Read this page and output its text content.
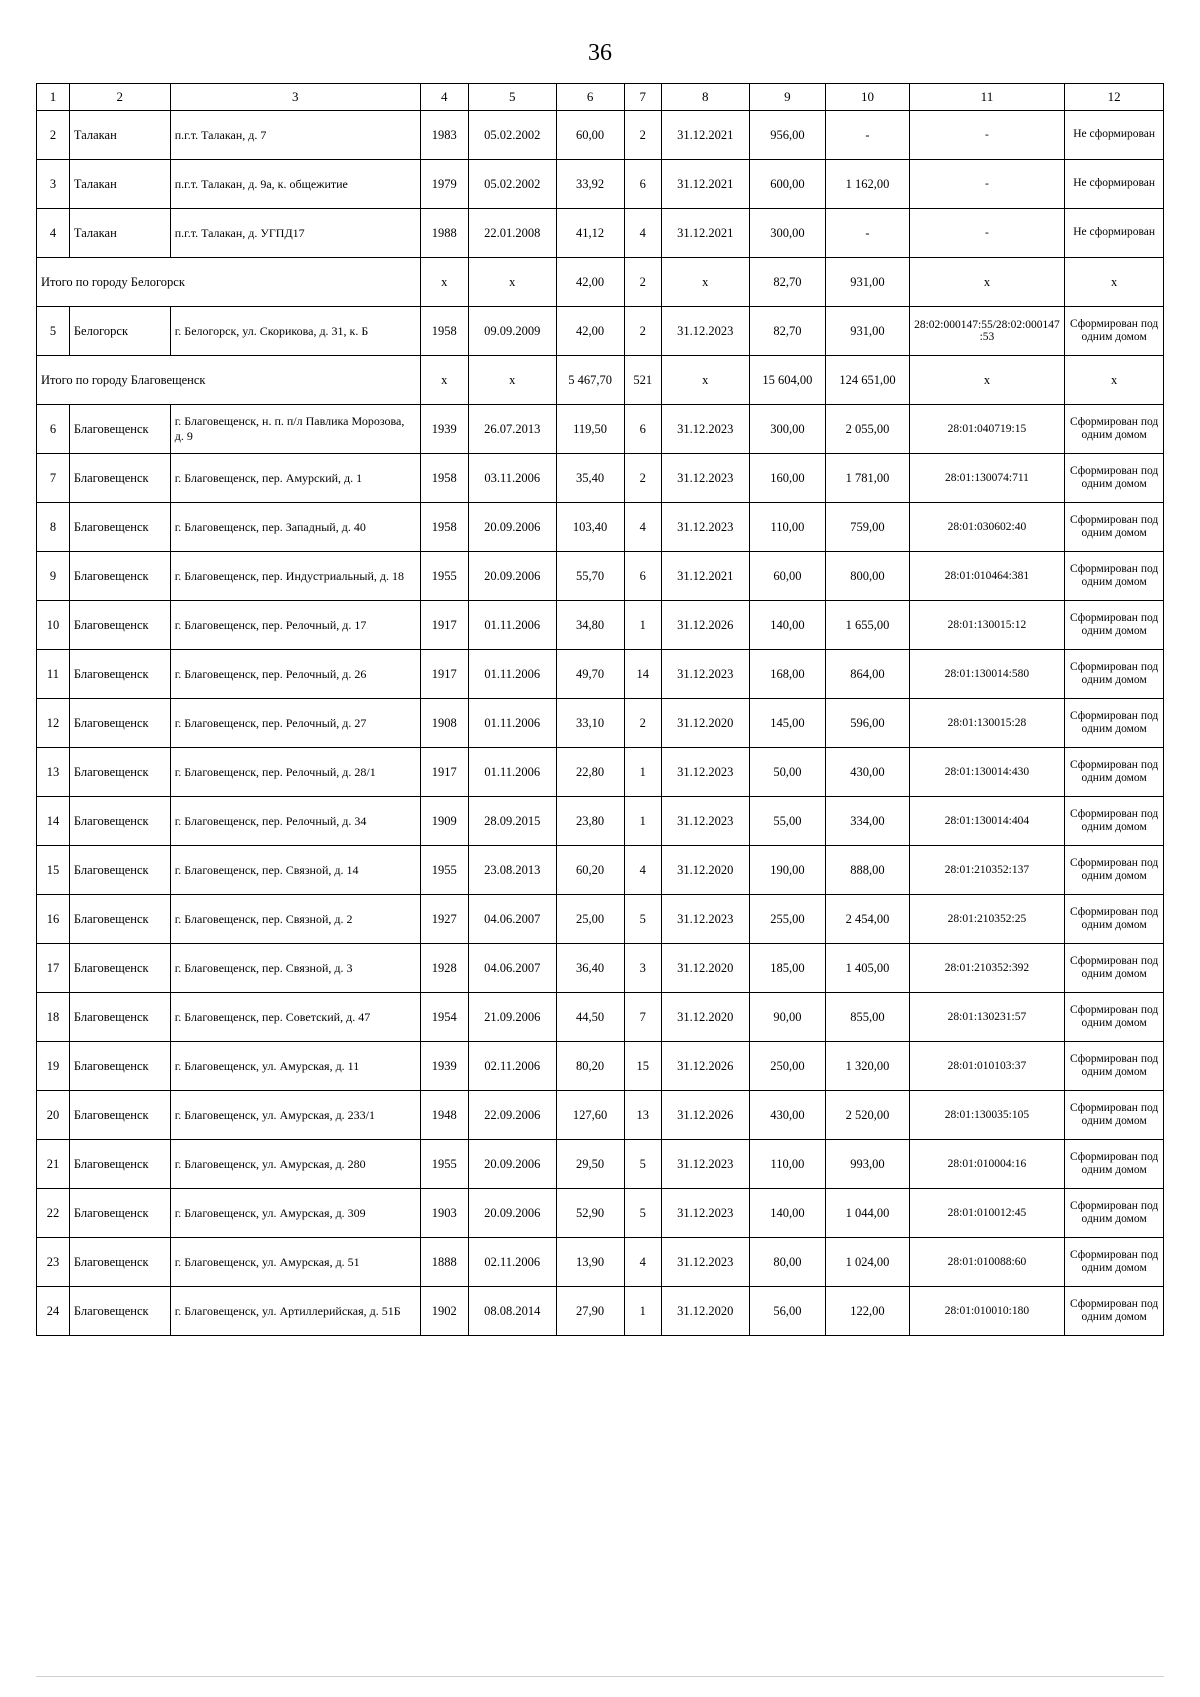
36
1	2	3	4	5	6	7	8	9	10	11	12
2	Талакан	п.г.т. Талакан, д. 7	1983	05.02.2002	60,00	2	31.12.2021	956,00	-	-	Не сформирован
3	Талакан	п.г.т. Талакан, д. 9а, к. общежитие	1979	05.02.2002	33,92	6	31.12.2021	600,00	1 162,00	-	Не сформирован
4	Талакан	п.г.т. Талакан, д. УГПД17	1988	22.01.2008	41,12	4	31.12.2021	300,00	-	-	Не сформирован
Итого по городу Белогорск			x	x	42,00	2	x	82,70	931,00	x	x
5	Белогорск	г. Белогорск, ул. Скорикова, д. 31, к. Б	1958	09.09.2009	42,00	2	31.12.2023	82,70	931,00	28:02:000147:55/28:02:000147:53	Сформирован под одним домом
Итого по городу Благовещенск			x	x	5 467,70	521	x	15 604,00	124 651,00	x	x
6	Благовещенск	г. Благовещенск, н. п. п/л Павлика Морозова, д. 9	1939	26.07.2013	119,50	6	31.12.2023	300,00	2 055,00	28:01:040719:15	Сформирован под одним домом
7	Благовещенск	г. Благовещенск, пер. Амурский, д. 1	1958	03.11.2006	35,40	2	31.12.2023	160,00	1 781,00	28:01:130074:711	Сформирован под одним домом
8	Благовещенск	г. Благовещенск, пер. Западный, д. 40	1958	20.09.2006	103,40	4	31.12.2023	110,00	759,00	28:01:030602:40	Сформирован под одним домом
9	Благовещенск	г. Благовещенск, пер. Индустриальный, д. 18	1955	20.09.2006	55,70	6	31.12.2021	60,00	800,00	28:01:010464:381	Сформирован под одним домом
10	Благовещенск	г. Благовещенск, пер. Релочный, д. 17	1917	01.11.2006	34,80	1	31.12.2026	140,00	1 655,00	28:01:130015:12	Сформирован под одним домом
11	Благовещенск	г. Благовещенск, пер. Релочный, д. 26	1917	01.11.2006	49,70	14	31.12.2023	168,00	864,00	28:01:130014:580	Сформирован под одним домом
12	Благовещенск	г. Благовещенск, пер. Релочный, д. 27	1908	01.11.2006	33,10	2	31.12.2020	145,00	596,00	28:01:130015:28	Сформирован под одним домом
13	Благовещенск	г. Благовещенск, пер. Релочный, д. 28/1	1917	01.11.2006	22,80	1	31.12.2023	50,00	430,00	28:01:130014:430	Сформирован под одним домом
14	Благовещенск	г. Благовещенск, пер. Релочный, д. 34	1909	28.09.2015	23,80	1	31.12.2023	55,00	334,00	28:01:130014:404	Сформирован под одним домом
15	Благовещенск	г. Благовещенск, пер. Связной, д. 14	1955	23.08.2013	60,20	4	31.12.2020	190,00	888,00	28:01:210352:137	Сформирован под одним домом
16	Благовещенск	г. Благовещенск, пер. Связной, д. 2	1927	04.06.2007	25,00	5	31.12.2023	255,00	2 454,00	28:01:210352:25	Сформирован под одним домом
17	Благовещенск	г. Благовещенск, пер. Связной, д. 3	1928	04.06.2007	36,40	3	31.12.2020	185,00	1 405,00	28:01:210352:392	Сформирован под одним домом
18	Благовещенск	г. Благовещенск, пер. Советский, д. 47	1954	21.09.2006	44,50	7	31.12.2020	90,00	855,00	28:01:130231:57	Сформирован под одним домом
19	Благовещенск	г. Благовещенск, ул. Амурская, д. 11	1939	02.11.2006	80,20	15	31.12.2026	250,00	1 320,00	28:01:010103:37	Сформирован под одним домом
20	Благовещенск	г. Благовещенск, ул. Амурская, д. 233/1	1948	22.09.2006	127,60	13	31.12.2026	430,00	2 520,00	28:01:130035:105	Сформирован под одним домом
21	Благовещенск	г. Благовещенск, ул. Амурская, д. 280	1955	20.09.2006	29,50	5	31.12.2023	110,00	993,00	28:01:010004:16	Сформирован под одним домом
22	Благовещенск	г. Благовещенск, ул. Амурская, д. 309	1903	20.09.2006	52,90	5	31.12.2023	140,00	1 044,00	28:01:010012:45	Сформирован под одним домом
23	Благовещенск	г. Благовещенск, ул. Амурская, д. 51	1888	02.11.2006	13,90	4	31.12.2023	80,00	1 024,00	28:01:010088:60	Сформирован под одним домом
24	Благовещенск	г. Благовещенск, ул. Артиллерийская, д. 51Б	1902	08.08.2014	27,90	1	31.12.2020	56,00	122,00	28:01:010010:180	Сформирован под одним домом
